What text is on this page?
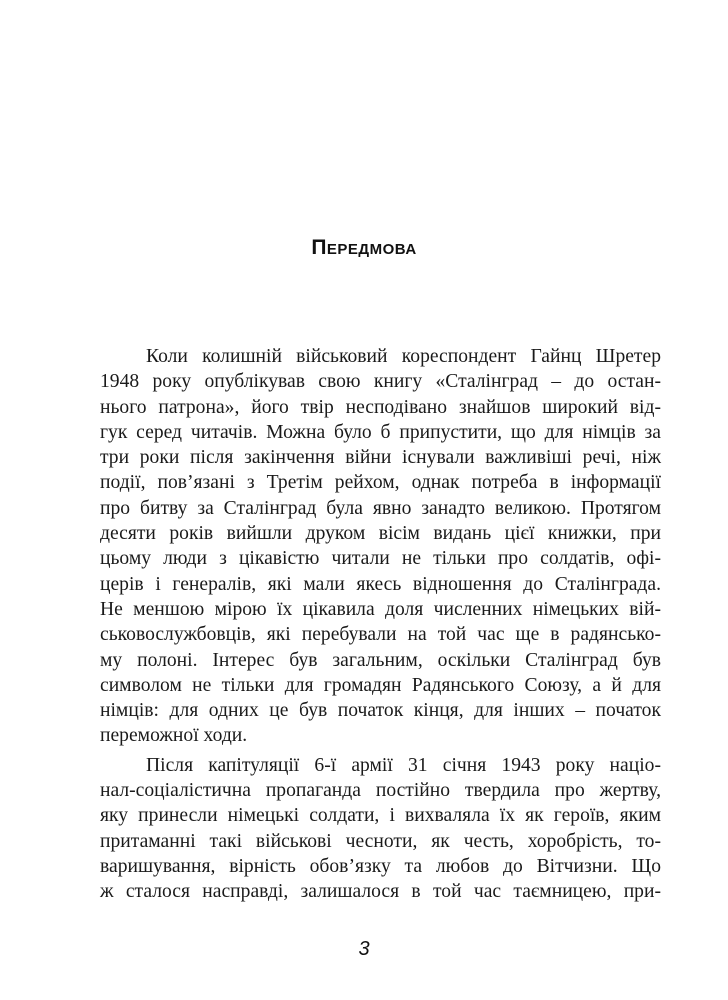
Передмова
Коли колишній військовий кореспондент Гайнц Шретер
1948 року опублікував свою книгу «Сталінград – до остан-
нього патрона», його твір несподівано знайшов широкий від-
гук серед читачів. Можна було б припустити, що для німців за
три роки після закінчення війни існували важливіші речі, ніж
події, пов’язані з Третім рейхом, однак потреба в інформації
про битву за Сталінград була явно занадто великою. Протягом
десяти років вийшли друком вісім видань цієї книжки, при
цьому люди з цікавістю читали не тільки про солдатів, офі-
церів і генералів, які мали якесь відношення до Сталінграда.
Не меншою мірою їх цікавила доля численних німецьких вій-
ськовослужбовців, які перебували на той час ще в радянсько-
му полоні. Інтерес був загальним, оскільки Сталінград був
символом не тільки для громадян Радянського Союзу, а й для
німців: для одних це був початок кінця, для інших – початок
переможної ходи.
Після капітуляції 6-ї армії 31 січня 1943 року націо-
нал-соціалістична пропаганда постійно твердила про жертву,
яку принесли німецькі солдати, і вихваляла їх як героїв, яким
притаманні такі військові чесноти, як честь, хоробрість, то-
варишування, вірність обов’язку та любов до Вітчизни. Що
ж сталося насправді, залишалося в той час таємницею, при-
3
